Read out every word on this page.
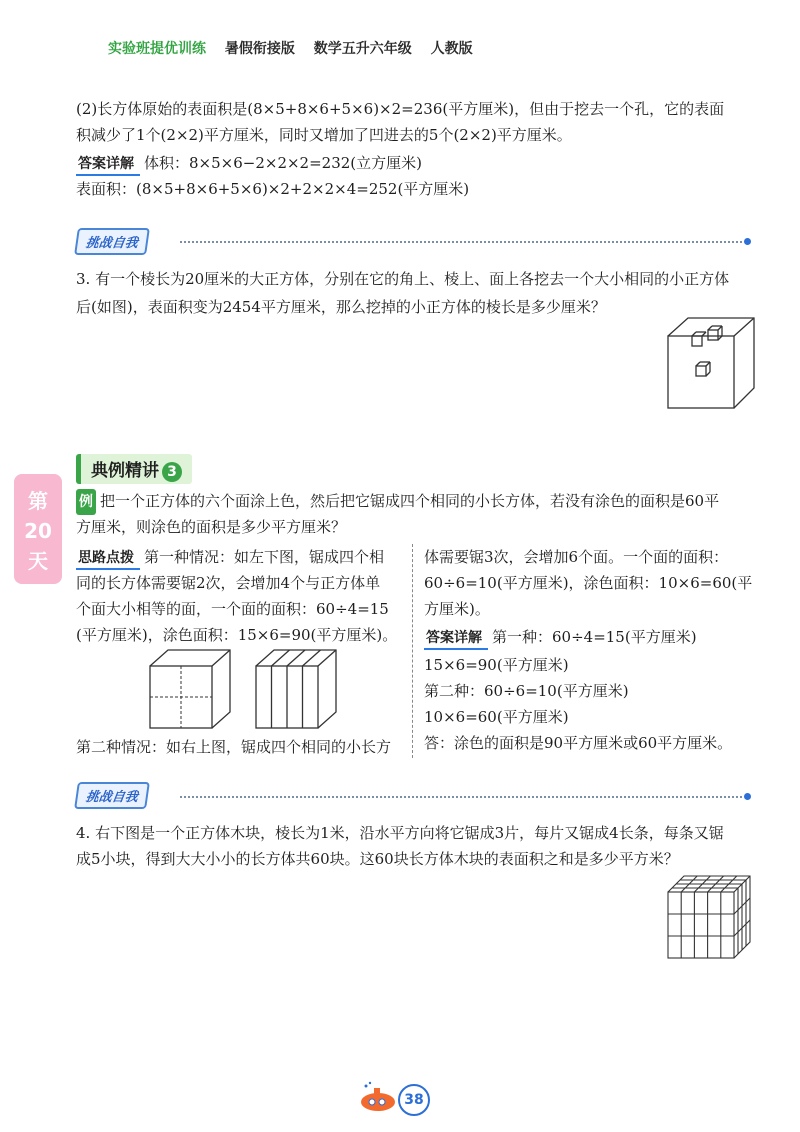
实验班提优训练 暑假衔接版 数学五升六年级 人教版
(2)长方体原始的表面积是(8×5+8×6+5×6)×2=236(平方厘米)，但由于挖去一个孔，它的表面
积减少了1个(2×2)平方厘米，同时又增加了凹进去的5个(2×2)平方厘米。
答案详解 体积：8×5×6−2×2×2=232(立方厘米)
表面积：(8×5+8×6+5×6)×2+2×2×4=252(平方厘米)
挑战自我
3. 有一个棱长为20厘米的大正方体，分别在它的角上、棱上、面上各挖去一个大小相同的小正方体
后(如图)，表面积变为2454平方厘米，那么挖掉的小正方体的棱长是多少厘米？
第
20
天
典例精讲 3
例 把一个正方体的六个面涂上色，然后把它锯成四个相同的小长方体，若没有涂色的面积是60平
方厘米，则涂色的面积是多少平方厘米？
思路点拨 第一种情况：如左下图，锯成四个相
同的长方体需要锯2次，会增加4个与正方体单
个面大小相等的面，一个面的面积：60÷4=15
(平方厘米)，涂色面积：15×6=90(平方厘米)。
第二种情况：如右上图，锯成四个相同的小长方
体需要锯3次，会增加6个面。一个面的面积：
60÷6=10(平方厘米)，涂色面积：10×6=60(平
方厘米)。
答案详解 第一种：60÷4=15(平方厘米)
15×6=90(平方厘米)
第二种：60÷6=10(平方厘米)
10×6=60(平方厘米)
答：涂色的面积是90平方厘米或60平方厘米。
挑战自我
4. 右下图是一个正方体木块，棱长为1米，沿水平方向将它锯成3片，每片又锯成4长条，每条又锯
成5小块，得到大大小小的长方体共60块。这60块长方体木块的表面积之和是多少平方米？
38
